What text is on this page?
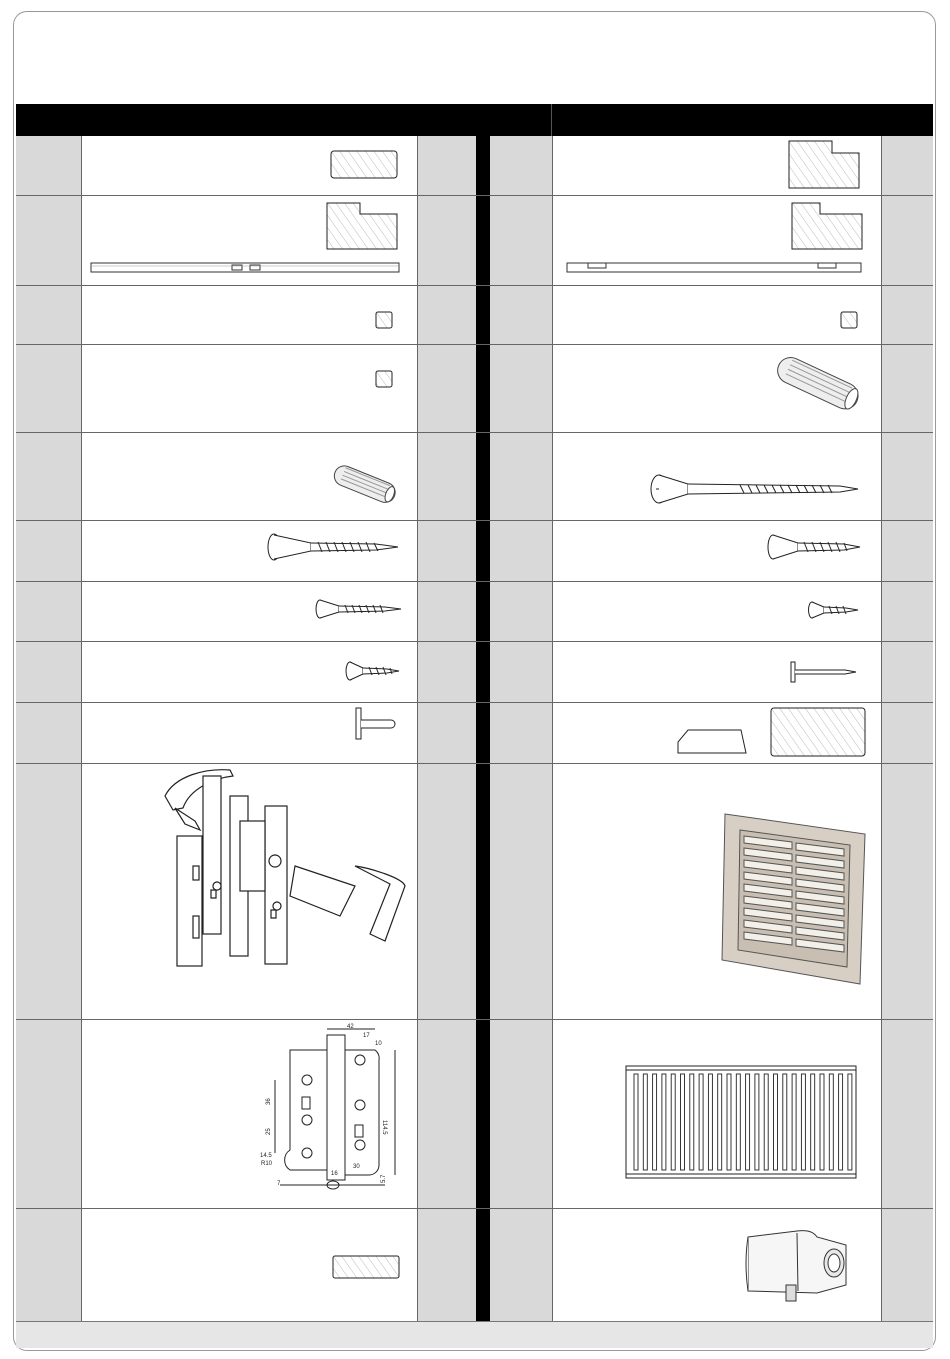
42
17
10
114.5
36
25
14.5
R10
16
30
5.7
7
